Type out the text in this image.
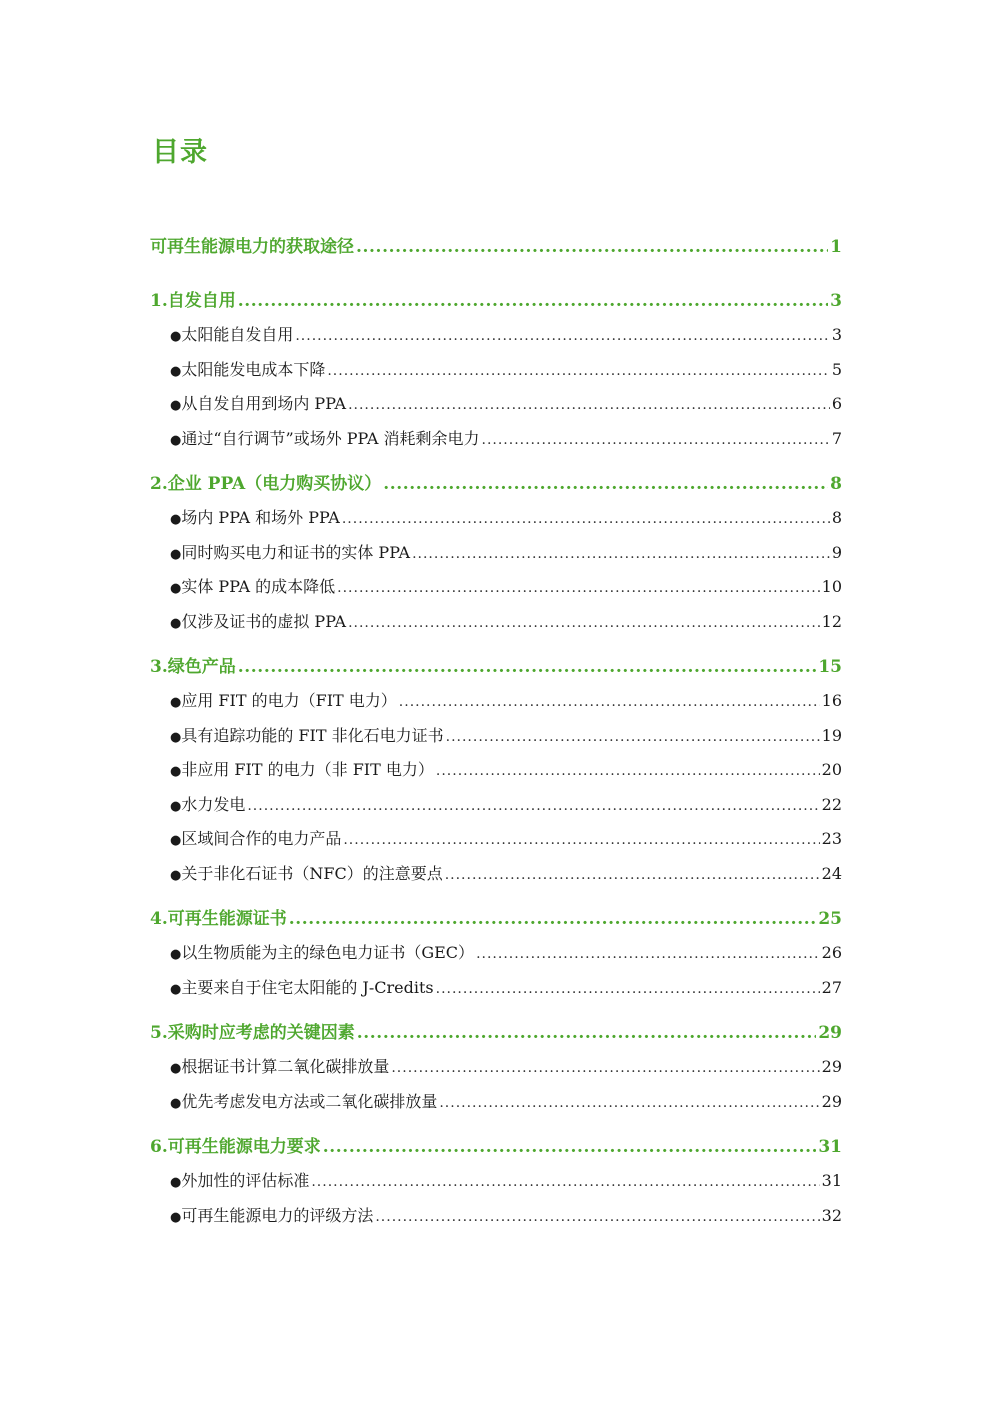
目录
可再生能源电力的获取途径 .....	1
1. 自发自用 .....	3
● 太阳能自发自用 .....	3
● 太阳能发电成本下降 .....	5
● 从自发自用到场内 PPA .....	6
● 通过“自行调节”或场外 PPA 消耗剩余电力 .....	7
2. 企业 PPA（电力购买协议） .....	8
● 场内 PPA 和场外 PPA .....	8
● 同时购买电力和证书的实体 PPA .....	9
● 实体 PPA 的成本降低 .....	10
● 仅涉及证书的虚拟 PPA .....	12
3. 绿色产品 .....	15
● 应用 FIT 的电力（FIT 电力） .....	16
● 具有追踪功能的 FIT 非化石电力证书 .....	19
● 非应用 FIT 的电力（非 FIT 电力） .....	20
● 水力发电 .....	22
● 区域间合作的电力产品 .....	23
● 关于非化石证书（NFC）的注意要点 .....	24
4. 可再生能源证书 .....	25
● 以生物质能为主的绿色电力证书（GEC） .....	26
● 主要来自于住宅太阳能的 J-Credits .....	27
5. 采购时应考虑的关键因素 .....	29
● 根据证书计算二氧化碳排放量 .....	29
● 优先考虑发电方法或二氧化碳排放量 .....	29
6. 可再生能源电力要求 .....	31
● 外加性的评估标准 .....	31
● 可再生能源电力的评级方法 .....	32
